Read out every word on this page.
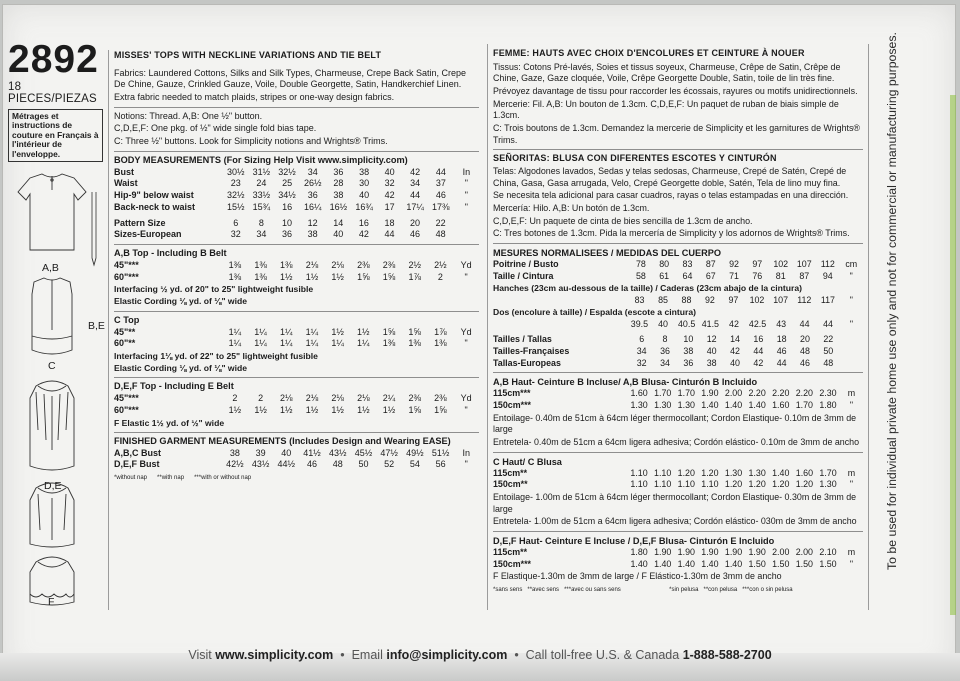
2892
18 PIECES/PIEZAS
Métrages et instructions de couture en Français à l'intérieur de l'enveloppe.
A,B
B,E
C
D,E
F
MISSES' TOPS WITH NECKLINE VARIATIONS AND TIE BELT
Fabrics: Laundered Cottons, Silks and Silk Types, Charmeuse, Crepe Back Satin, Crepe De Chine, Gauze, Crinkled Gauze, Voile, Double Georgette, Satin, Handkerchief Linen.
Extra fabric needed to match plaids, stripes or one-way design fabrics.
Notions: Thread. A,B: One ½" button.
C,D,E,F: One pkg. of ½" wide single fold bias tape.
C: Three ½" buttons. Look for Simplicity notions and Wrights® Trims.
BODY MEASUREMENTS (For Sizing Help Visit www.simplicity.com)
Bust	30½	31½	32½	34	36	38	40	42	44	In
Waist	23	24	25	26½	28	30	32	34	37	"
Hip-9" below waist	32½	33½	34½	36	38	40	42	44	46	"
Back-neck to waist	15½	15¾	16	16¼	16½	16¾	17	17¼	17⅜	"
Pattern Size	6	8	10	12	14	16	18	20	22	
Sizes-European	32	34	36	38	40	42	44	46	48	
A,B Top - Including B Belt
45"***	1⅜	1⅜	1⅜	2⅛	2⅛	2⅜	2⅜	2½	2½	Yd
60"***	1⅜	1⅜	1½	1½	1½	1⅝	1⅝	1⅞	2	"
Interfacing ½ yd. of 20" to 25" lightweight fusible
Elastic Cording ⅛ yd. of ⅛" wide
C Top
45"**	1¼	1¼	1¼	1¼	1½	1½	1⅝	1⅝	1⅞	Yd
60"**	1¼	1¼	1¼	1¼	1¼	1¼	1⅜	1⅜	1⅜	"
Interfacing 1⅛ yd. of 22" to 25" lightweight fusible
Elastic Cording ⅛ yd. of ⅛" wide
D,E,F Top - Including E Belt
45"***	2	2	2⅛	2⅛	2⅛	2⅛	2¼	2⅜	2⅜	Yd
60"***	1½	1½	1½	1½	1½	1½	1½	1⅝	1⅝	"
F Elastic 1½ yd. of ½" wide
FINISHED GARMENT MEASUREMENTS (Includes Design and Wearing EASE)
A,B,C Bust	38	39	40	41½	43½	45½	47½	49½	51½	In
D,E,F Bust	42½	43½	44½	46	48	50	52	54	56	"
*without nap **with nap ***with or without nap
FEMME: HAUTS AVEC CHOIX D'ENCOLURES ET CEINTURE À NOUER
Tissus: Cotons Pré-lavés, Soies et tissus soyeux, Charmeuse, Crêpe de Satin, Crêpe de Chine, Gaze, Gaze cloquée, Voile, Crêpe Georgette Double, Satin, toile de lin très fine.
Prévoyez davantage de tissu pour raccorder les écossais, rayures ou motifs unidirectionnels.
Mercerie: Fil. A,B: Un bouton de 1.3cm. C,D,E,F: Un paquet de ruban de biais simple de 1.3cm.
C: Trois boutons de 1.3cm. Demandez la mercerie de Simplicity et les garnitures de Wrights® Trims.
SEÑORITAS: BLUSA CON DIFERENTES ESCOTES Y CINTURÓN
Telas: Algodones lavados, Sedas y telas sedosas, Charmeuse, Crepé de Satén, Crepé de China, Gasa, Gasa arrugada, Velo, Crepé Georgette doble, Satén, Tela de lino muy fina.
Se necesita tela adicional para casar cuadros, rayas o telas estampadas en una dirección.
Mercería: Hilo. A,B: Un botón de 1.3cm.
C,D,E,F: Un paquete de cinta de bies sencilla de 1.3cm de ancho.
C: Tres botones de 1.3cm. Pida la mercería de Simplicity y los adornos de Wrights® Trims.
MESURES NORMALISEES / MEDIDAS DEL CUERPO
Poitrine / Busto	78	80	83	87	92	97	102	107	112	cm
Taille / Cintura	58	61	64	67	71	76	81	87	94	"
Hanches (23cm au-dessous de la taille) / Caderas (23cm abajo de la cintura)
	83	85	88	92	97	102	107	112	117	"
Dos (encolure à taille) / Espalda (escote a cintura)
	39.5	40	40.5	41.5	42	42.5	43	44	44	"
Tailles / Tallas	6	8	10	12	14	16	18	20	22	
Tailles-Françaises	34	36	38	40	42	44	46	48	50	
Tallas-Europeas	32	34	36	38	40	42	44	46	48	
A,B Haut- Ceinture B Incluse/ A,B Blusa- Cinturón B Incluido
115cm***	1.60	1.70	1.70	1.90	2.00	2.20	2.20	2.20	2.30	m
150cm***	1.30	1.30	1.30	1.40	1.40	1.40	1.60	1.70	1.80	"
Entoilage- 0.40m de 51cm à 64cm léger thermocollant; Cordon Elastique- 0.10m de 3mm de large
Entretela- 0.40m de 51cm a 64cm ligera adhesiva; Cordón elástico- 0.10m de 3mm de ancho
C Haut/ C Blusa
115cm**	1.10	1.10	1.20	1.20	1.30	1.30	1.40	1.60	1.70	m
150cm**	1.10	1.10	1.10	1.10	1.20	1.20	1.20	1.20	1.30	"
Entoilage- 1.00m de 51cm à 64cm léger thermocollant; Cordon Elastique- 0.30m de 3mm de large
Entretela- 1.00m de 51cm a 64cm ligera adhesiva; Cordón elástico- 030m de 3mm de ancho
D,E,F Haut- Ceinture E Incluse / D,E,F Blusa- Cinturón E Incluido
115cm**	1.80	1.90	1.90	1.90	1.90	1.90	2.00	2.00	2.10	m
150cm***	1.40	1.40	1.40	1.40	1.40	1.50	1.50	1.50	1.50	"
F Elastique-1.30m de 3mm de large / F Elástico-1.30m de 3mm de ancho
*sans sens **avec sens ***avec ou sans sens	*sin pelusa **con pelusa ***con o sin pelusa
To be used for individual private home use only and not for commercial or manufacturing purposes.
Visit www.simplicity.com  •  Email info@simplicity.com  •  Call toll-free U.S. & Canada 1-888-588-2700
